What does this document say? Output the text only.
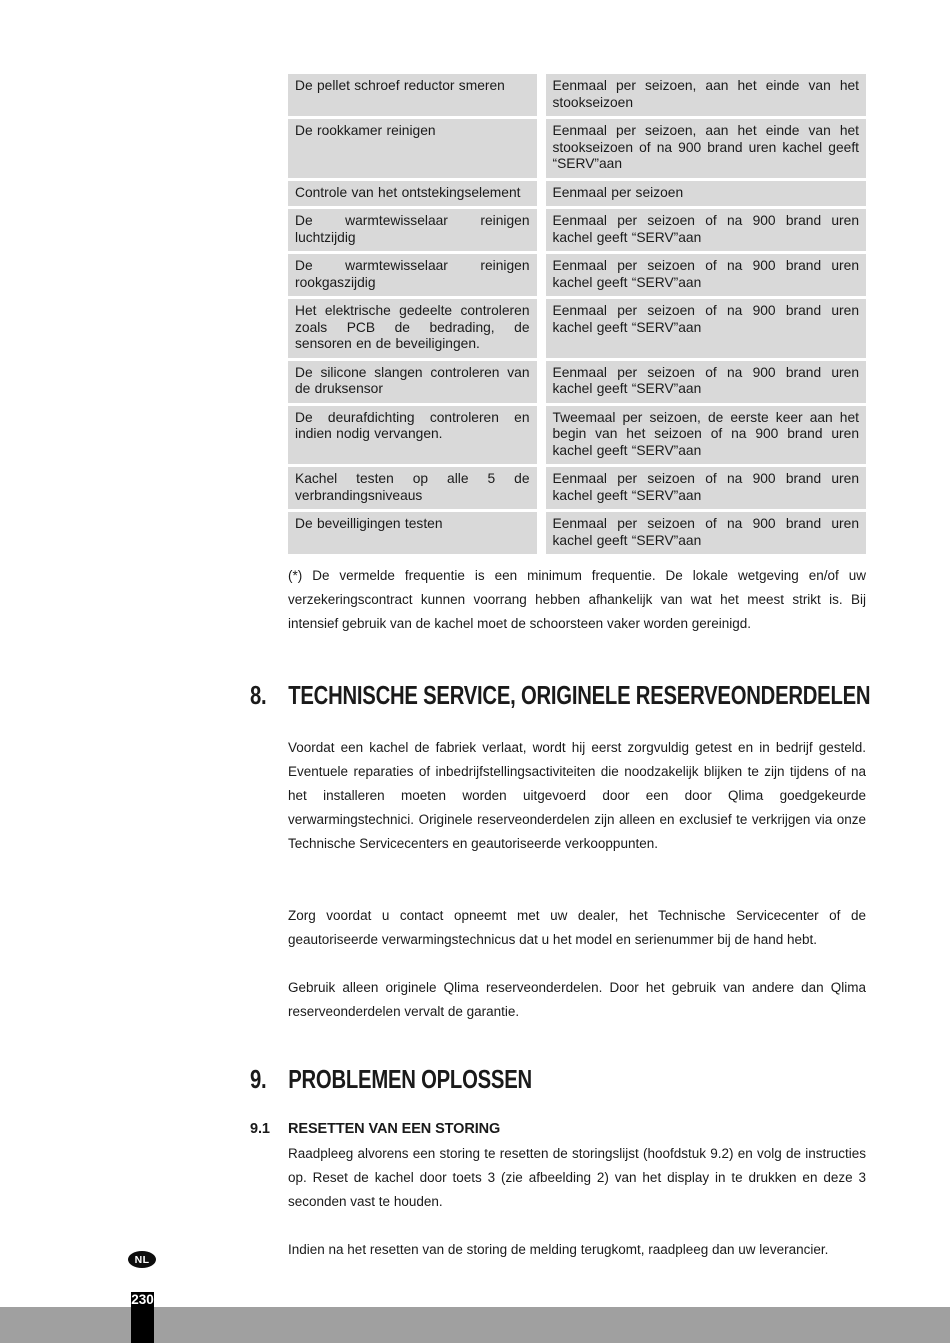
De pellet schroef reductor smeren	Eenmaal per seizoen, aan het einde van het stookseizoen
De rookkamer reinigen	Eenmaal per seizoen, aan het einde van het stookseizoen of na 900 brand uren kachel geeft “SERV”aan
Controle van het ontstekingselement	Eenmaal per seizoen
De warmtewisselaar reinigen luchtzijdig	Eenmaal per seizoen of na 900 brand uren kachel geeft “SERV”aan
De warmtewisselaar reinigen rookgaszijdig	Eenmaal per seizoen of na 900 brand uren kachel geeft “SERV”aan
Het elektrische gedeelte controleren zoals PCB de bedrading, de sensoren en de beveiligingen.	Eenmaal per seizoen of na 900 brand uren kachel geeft “SERV”aan
De silicone slangen controleren van de druksensor	Eenmaal per seizoen of na 900 brand uren kachel geeft “SERV”aan
De deurafdichting controleren en indien nodig vervangen.	Tweemaal per seizoen, de eerste keer aan het begin van het seizoen of na 900 brand uren kachel geeft “SERV”aan
Kachel testen op alle 5 de verbrandingsniveaus	Eenmaal per seizoen of na 900 brand uren kachel geeft “SERV”aan
De beveilligingen testen	Eenmaal per seizoen of na 900 brand uren kachel geeft “SERV”aan
(*) De vermelde frequentie is een minimum frequentie. De lokale wetgeving en/of uw verzekeringscontract kunnen voorrang hebben afhankelijk van wat het meest strikt is. Bij intensief gebruik van de kachel moet de schoorsteen vaker worden gereinigd.
8. TECHNISCHE SERVICE, ORIGINELE RESERVEONDERDELEN
Voordat een kachel de fabriek verlaat, wordt hij eerst zorgvuldig getest en in bedrijf gesteld. Eventuele reparaties of inbedrijfstellingsactiviteiten die noodzakelijk blijken te zijn tijdens of na het installeren moeten worden uitgevoerd door een door Qlima goedgekeurde verwarmingstechnici. Originele reserveonderdelen zijn alleen en exclusief te verkrijgen via onze Technische Servicecenters en geautoriseerde verkooppunten.
Zorg voordat u contact opneemt met uw dealer, het Technische Servicecenter of de geautoriseerde verwarmingstechnicus dat u het model en serienummer bij de hand hebt.
Gebruik alleen originele Qlima reserveonderdelen. Door het gebruik van andere dan Qlima reserveonderdelen vervalt de garantie.
9. PROBLEMEN OPLOSSEN
9.1	RESETTEN VAN EEN STORING
Raadpleeg alvorens een storing te resetten de storingslijst (hoofdstuk 9.2) en volg de instructies op. Reset de kachel door toets 3 (zie afbeelding 2) van het display in te drukken en deze 3 seconden vast te houden.
Indien na het resetten van de storing de melding terugkomt, raadpleeg dan uw leverancier.
NL
230
